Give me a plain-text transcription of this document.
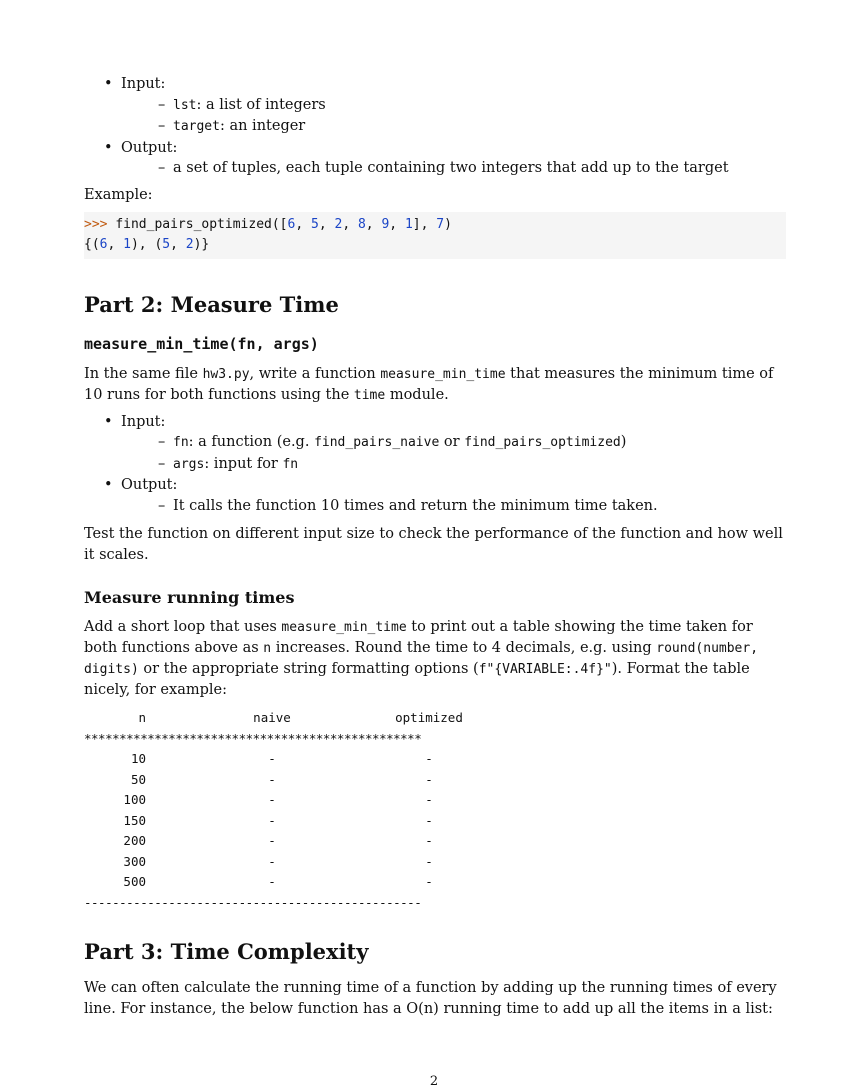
• Input:
– lst: a list of integers
– target: an integer
• Output:
– a set of tuples, each tuple containing two integers that add up to the target

Example:

>>> find_pairs_optimized([6, 5, 2, 8, 9, 1], 7)
{(6, 1), (5, 2)}
Part 2: Measure Time
measure_min_time(fn, args)

In the same file hw3.py, write a function measure_min_time that measures the minimum time of 10 runs for both functions using the time module.

• Input:
– fn: a function (e.g. find_pairs_naive or find_pairs_optimized)
– args: input for fn
• Output:
– It calls the function 10 times and return the minimum time taken.

Test the function on different input size to check the performance of the function and how well it scales.

Measure running times

Add a short loop that uses measure_min_time to print out a table showing the time taken for both functions above as n increases. Round the time to 4 decimals, e.g. using round(number, digits) or the appropriate string formatting options (f"{VARIABLE:.4f}"). Format the table nicely, for example:

n	naive	optimized
************************************************
10	-	-
50	-	-
100	-	-
150	-	-
200	-	-
300	-	-
500	-	-
------------------------------------------------
Part 3: Time Complexity

We can often calculate the running time of a function by adding up the running times of every line. For instance, the below function has a O(n) running time to add up all the items in a list:

2
